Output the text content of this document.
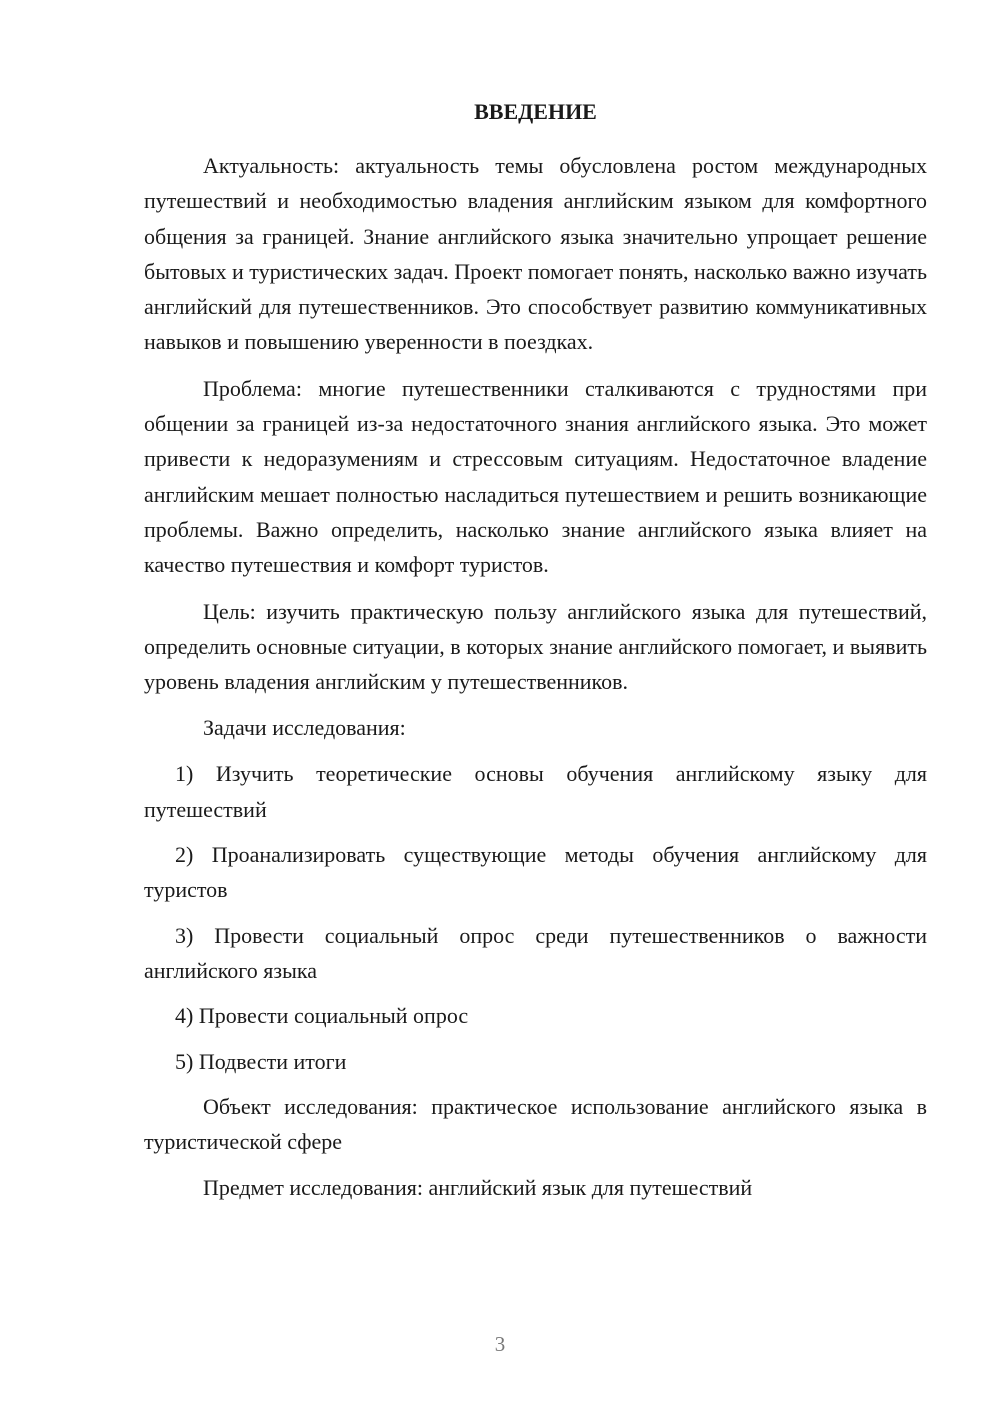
ВВЕДЕНИЕ

Актуальность: актуальность темы обусловлена ростом международных путешествий и необходимостью владения английским языком для комфортного общения за границей. Знание английского языка значительно упрощает решение бытовых и туристических задач. Проект помогает понять, насколько важно изучать английский для путешественников. Это способствует развитию коммуникативных навыков и повышению уверенности в поездках.

Проблема: многие путешественники сталкиваются с трудностями при общении за границей из-за недостаточного знания английского языка. Это может привести к недоразумениям и стрессовым ситуациям. Недостаточное владение английским мешает полностью насладиться путешествием и решить возникающие проблемы. Важно определить, насколько знание английского языка влияет на качество путешествия и комфорт туристов.

Цель: изучить практическую пользу английского языка для путешествий, определить основные ситуации, в которых знание английского помогает, и выявить уровень владения английским у путешественников.

Задачи исследования:

1) Изучить теоретические основы обучения английскому языку для путешествий

2) Проанализировать существующие методы обучения английскому для туристов

3) Провести социальный опрос среди путешественников о важности английского языка

4) Провести социальный опрос

5) Подвести итоги

Объект исследования: практическое использование английского языка в туристической сфере

Предмет исследования: английский язык для путешествий

3
